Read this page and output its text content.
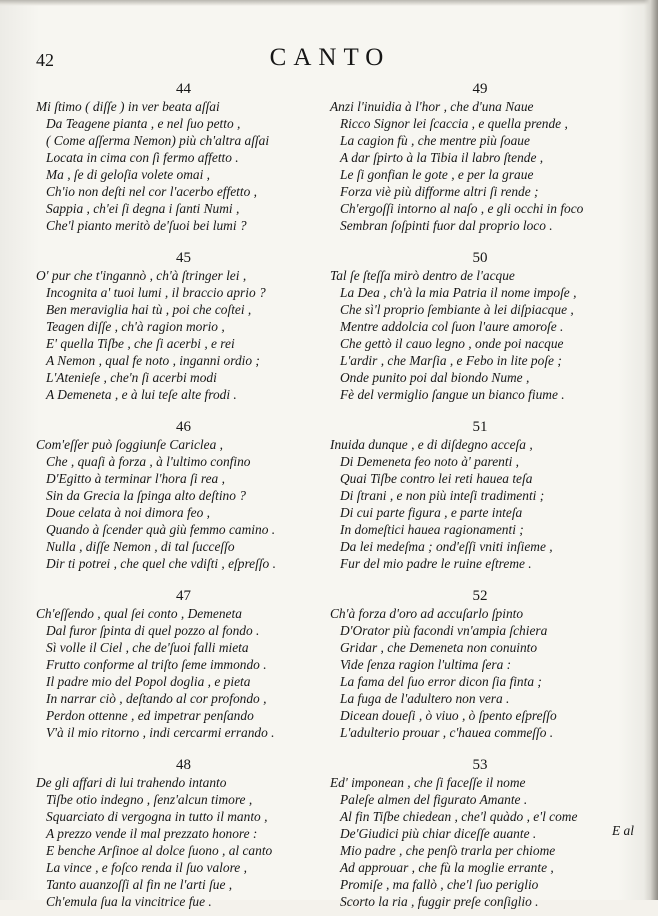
42	CANTO
44
Mi ſtimo ( diſſe ) in ver beata aſſai
Da Teagene pianta , e nel ſuo petto ,
( Come aſſerma Nemon) più ch'altra aſſai
Locata in cima con ſì fermo affetto .
Ma , ſe di geloſia volete omai ,
Ch'io non deſti nel cor l'acerbo effetto ,
Sappia , ch'ei ſi degna i ſanti Numi ,
Che'l pianto meritò de'ſuoi bei lumi ?
45
O' pur che t'ingannò , ch'à ſtringer lei ,
Incognita a' tuoi lumi , il braccio aprio ?
Ben meraviglia hai tù , poi che coſtei ,
Teagen diſſe , ch'à ragion morio ,
E' quella Tiſbe , che ſi acerbi , e rei
A Nemon , qual fe noto , inganni ordio ;
L'Atenieſe , che'n ſi acerbi modi
A Demeneta , e à lui teſe alte frodi .
46
Com'eſſer può ſoggiunſe Cariclea ,
Che , quaſi à forza , à l'ultimo confino
D'Egitto à terminar l'hora ſi rea ,
Sin da Grecia la ſpinga alto deſtino ?
Doue celata à noi dimora feo ,
Quando à ſcender quà giù femmo camino .
Nulla , diſſe Nemon , di tal ſucceſſo
Dir ti potrei , che quel che vdiſti , eſpreſſo .
47
Ch'eſſendo , qual ſei conto , Demeneta
Dal furor ſpinta di quel pozzo al fondo .
Sì volle il Ciel , che de'ſuoi falli mieta
Frutto conforme al triſto ſeme immondo .
Il padre mio del Popol doglia , e pieta
In narrar ciò , deſtando al cor profondo ,
Perdon ottenne , ed impetrar penſando
V'à il mio ritorno , indi cercarmi errando .
48
De gli affari di lui trahendo intanto
Tiſbe otio indegno , ſenz'alcun timore ,
Squarciato di vergogna in tutto il manto ,
A prezzo vende il mal prezzato honore :
E benche Arſinoe al dolce ſuono , al canto
La vince , e foſco renda il ſuo valore ,
Tanto auanzoſſi al fin ne l'arti ſue ,
Ch'emula ſua la vincitrice fue .
49
Anzi l'inuidia à l'hor , che d'una Naue
Ricco Signor lei ſcaccia , e quella prende ,
La cagion fù , che mentre più ſoaue
A dar ſpirto à la Tibia il labro ſtende ,
Le ſi gonfian le gote , e per la graue
Forza viè più difforme altri ſi rende ;
Ch'ergoſſi intorno al naſo , e gli occhi in foco
Sembran ſoſpinti fuor dal proprio loco .
50
Tal ſe ſteſſa mirò dentro de l'acque
La Dea , ch'à la mia Patria il nome impoſe ,
Che sì'l proprio ſembiante à lei diſpiacque ,
Mentre addolcia col ſuon l'aure amoroſe .
Che gettò il cauo legno , onde poi nacque
L'ardir , che Marſia , e Febo in lite poſe ;
Onde punito poi dal biondo Nume ,
Fè del vermiglio ſangue un bianco fiume .
51
Inuida dunque , e di diſdegno acceſa ,
Di Demeneta feo noto à' parenti ,
Quai Tiſbe contro lei reti haueа teſa
Di ſtrani , e non più inteſi tradimenti ;
Di cui parte figura , e parte inteſa
In domeſtici haueа ragionamenti ;
Da lei medeſma ; ond'eſſi vniti inſieme ,
Fur del mio padre le ruine eſtreme .
52
Ch'à forza d'oro ad accuſarlo ſpinto
D'Orator più facondi vn'ampia ſchiera
Gridar , che Demeneta non conuinto
Vide ſenza ragion l'ultima ſera :
La fama del ſuo error dicon ſia finta ;
La fuga de l'adultero non vera .
Dicean doueſi , ò viuo , ò ſpento eſpreſſo
L'adulterio prouar , c'haueа commeſſo .
53
Ed' imponean , che ſi faceſſe il nome
Paleſe almen del figurato Amante .
Al fin Tiſbe chiedean , che'l quàdo , e'l come
De'Giudici più chiar diceſſe auante .
Mio padre , che penſò trarla per chiome
Ad approuar , che fù la moglie errante ,
Promiſe , ma fallò , che'l ſuo periglio
Scorto la ria , fuggir preſe conſiglio .
E al
